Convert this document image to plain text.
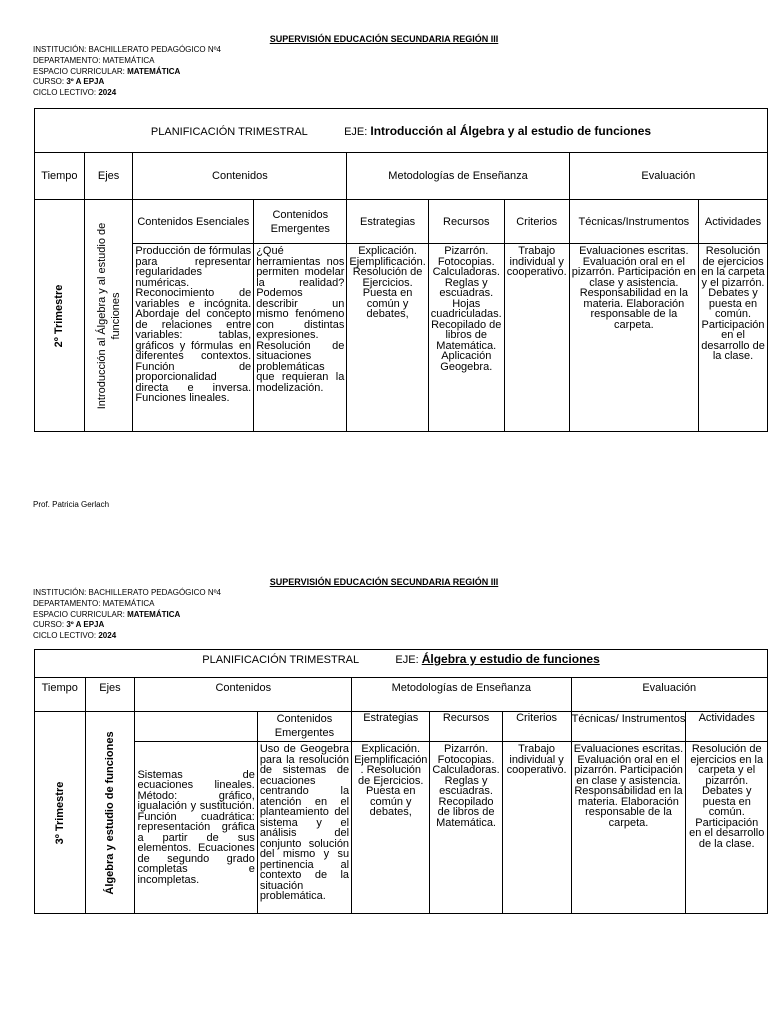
SUPERVISIÓN EDUCACIÓN SECUNDARIA REGIÓN III
INSTITUCIÓN: BACHILLERATO PEDAGÓGICO Nº4
DEPARTAMENTO: MATEMÁTICA
ESPACIO CURRICULAR: MATEMÁTICA
CURSO: 3º A EPJA
CICLO LECTIVO: 2024
PLANIFICACIÓN TRIMESTRAL EJE: Introducción al Álgebra y al estudio de funciones								
Tiempo	Ejes	Contenidos		Metodologías de Enseñanza			Evaluación	

2º Trimestre	Introducción al Álgebra y al estudio de funciones	Contenidos Esenciales	Contenidos Emergentes	Estrategias	Recursos	Criterios	Técnicas/Instrumentos	Actividades
		Producción de fórmulas para representar regularidades numéricas. Reconocimiento de variables e incógnita. Abordaje del concepto de relaciones entre variables: tablas, gráficos y fórmulas en diferentes contextos. Función de proporcionalidad directa e inversa. Funciones lineales.	¿Qué herramientas nos permiten modelar la realidad? Podemos describir un mismo fenómeno con distintas expresiones. Resolución de situaciones problemáticas que requieran la modelización.	Explicación. Ejemplificación. Resolución de Ejercicios. Puesta en común y debates,	Pizarrón. Fotocopias. Calculadoras. Reglas y escuadras. Hojas cuadriculadas. Recopilado de libros de Matemática. Aplicación Geogebra.	Trabajo individual y cooperativo.	Evaluaciones escritas. Evaluación oral en el pizarrón. Participación en clase y asistencia. Responsabilidad en la materia. Elaboración responsable de la carpeta.	Resolución de ejercicios en la carpeta y el pizarrón. Debates y puesta en común. Participación en el desarrollo de la clase.
Prof. Patricia Gerlach
SUPERVISIÓN EDUCACIÓN SECUNDARIA REGIÓN III
INSTITUCIÓN: BACHILLERATO PEDAGÓGICO Nº4
DEPARTAMENTO: MATEMÁTICA
ESPACIO CURRICULAR: MATEMÁTICA
CURSO: 3º A EPJA
CICLO LECTIVO: 2024
PLANIFICACIÓN TRIMESTRAL EJE: Álgebra y estudio de funciones								
Tiempo	Ejes	Contenidos		Metodologías de Enseñanza			Evaluación	

3º Trimestre	Álgebra y estudio de funciones		Contenidos Emergentes	Estrategias	Recursos	Criterios	Técnicas/ Instrumentos	Actividades
		Sistemas de ecuaciones lineales. Método: gráfico, igualación y sustitución. Función cuadrática: representación gráfica a partir de sus elementos. Ecuaciones de segundo grado completas e incompletas.	Uso de Geogebra para la resolución de sistemas de ecuaciones centrando la atención en el planteamiento del sistema y el análisis del conjunto solución del mismo y su pertinencia al contexto de la situación problemática.	Explicación. Ejemplificación . Resolución de Ejercicios. Puesta en común y debates,	Pizarrón. Fotocopias. Calculadoras. Reglas y escuadras. Recopilado de libros de Matemática.	Trabajo individual y cooperativo.	Evaluaciones escritas. Evaluación oral en el pizarrón. Participación en clase y asistencia. Responsabilidad en la materia. Elaboración responsable de la carpeta.	Resolución de ejercicios en la carpeta y el pizarrón. Debates y puesta en común. Participación en el desarrollo de la clase.
